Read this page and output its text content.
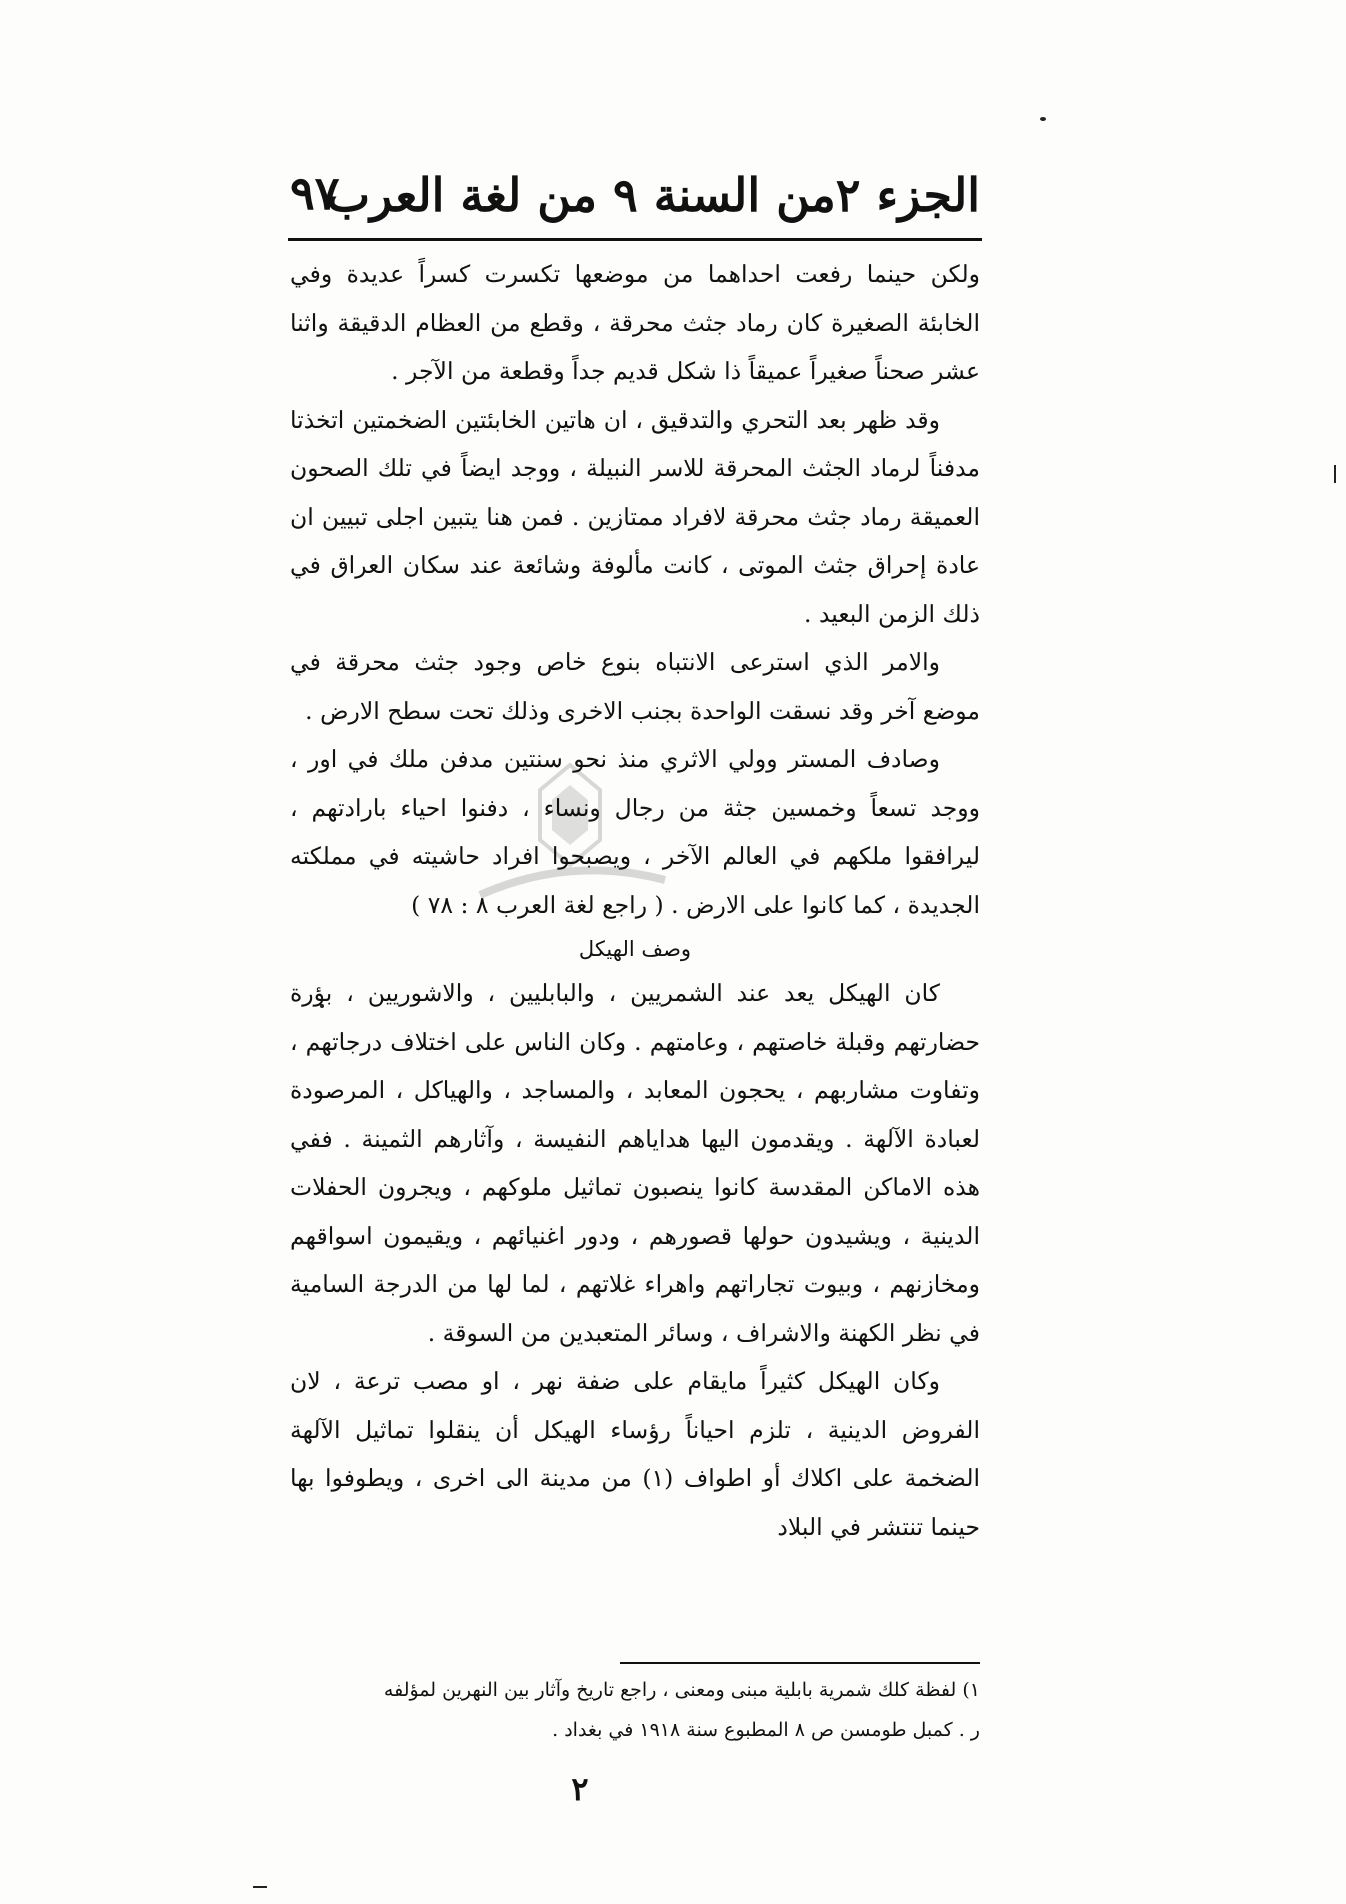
الجزء ٢من السنة ٩ من لغة العرب
٩٧

ولكن حينما رفعت احداهما من موضعها تكسرت كسراً عديدة وفي الخابئة الصغيرة كان رماد جثث محرقة ، وقطع من العظام الدقيقة واثنا عشر صحناً صغيراً عميقاً ذا شكل قديم جداً وقطعة من الآجر .

وقد ظهر بعد التحري والتدقيق ، ان هاتين الخابئتين الضخمتين اتخذتا مدفناً لرماد الجثث المحرقة للاسر النبيلة ، ووجد ايضاً في تلك الصحون العميقة رماد جثث محرقة لافراد ممتازين . فمن هنا يتبين اجلى تبيين ان عادة إحراق جثث الموتى ، كانت مألوفة وشائعة عند سكان العراق في ذلك الزمن البعيد .

والامر الذي استرعى الانتباه بنوع خاص وجود جثث محرقة في موضع آخر وقد نسقت الواحدة بجنب الاخرى وذلك تحت سطح الارض .

وصادف المستر وولي الاثري منذ نحو سنتين مدفن ملك في اور ، ووجد تسعاً وخمسين جثة من رجال ونساء ، دفنوا احياء بارادتهم ، ليرافقوا ملكهم في العالم الآخر ، ويصبحوا افراد حاشيته في مملكته الجديدة ، كما كانوا على الارض . ( راجع لغة العرب ٨ : ٧٨ )

وصف الهيكل

كان الهيكل يعد عند الشمريين ، والبابليين ، والاشوريين ، بؤرة حضارتهم وقبلة خاصتهم ، وعامتهم . وكان الناس على اختلاف درجاتهم ، وتفاوت مشاربهم ، يحجون المعابد ، والمساجد ، والهياكل ، المرصودة لعبادة الآلهة . ويقدمون اليها هداياهم النفيسة ، وآثارهم الثمينة . ففي هذه الاماكن المقدسة كانوا ينصبون تماثيل ملوكهم ، ويجرون الحفلات الدينية ، ويشيدون حولها قصورهم ، ودور اغنيائهم ، ويقيمون اسواقهم ومخازنهم ، وبيوت تجاراتهم واهراء غلاتهم ، لما لها من الدرجة السامية في نظر الكهنة والاشراف ، وسائر المتعبدين من السوقة .

وكان الهيكل كثيراً مايقام على ضفة نهر ، او مصب ترعة ، لان الفروض الدينية ، تلزم احياناً رؤساء الهيكل أن ينقلوا تماثيل الآلهة الضخمة على اكلاك أو اطواف (١) من مدينة الى اخرى ، ويطوفوا بها حينما تنتشر في البلاد

١) لفظة كلك شمرية بابلية مبنى ومعنى ، راجع تاريخ وآثار بين النهرين لمؤلفه

ر . كمبل طومسن ص ٨ المطبوع سنة ١٩١٨ في بغداد .

٢
